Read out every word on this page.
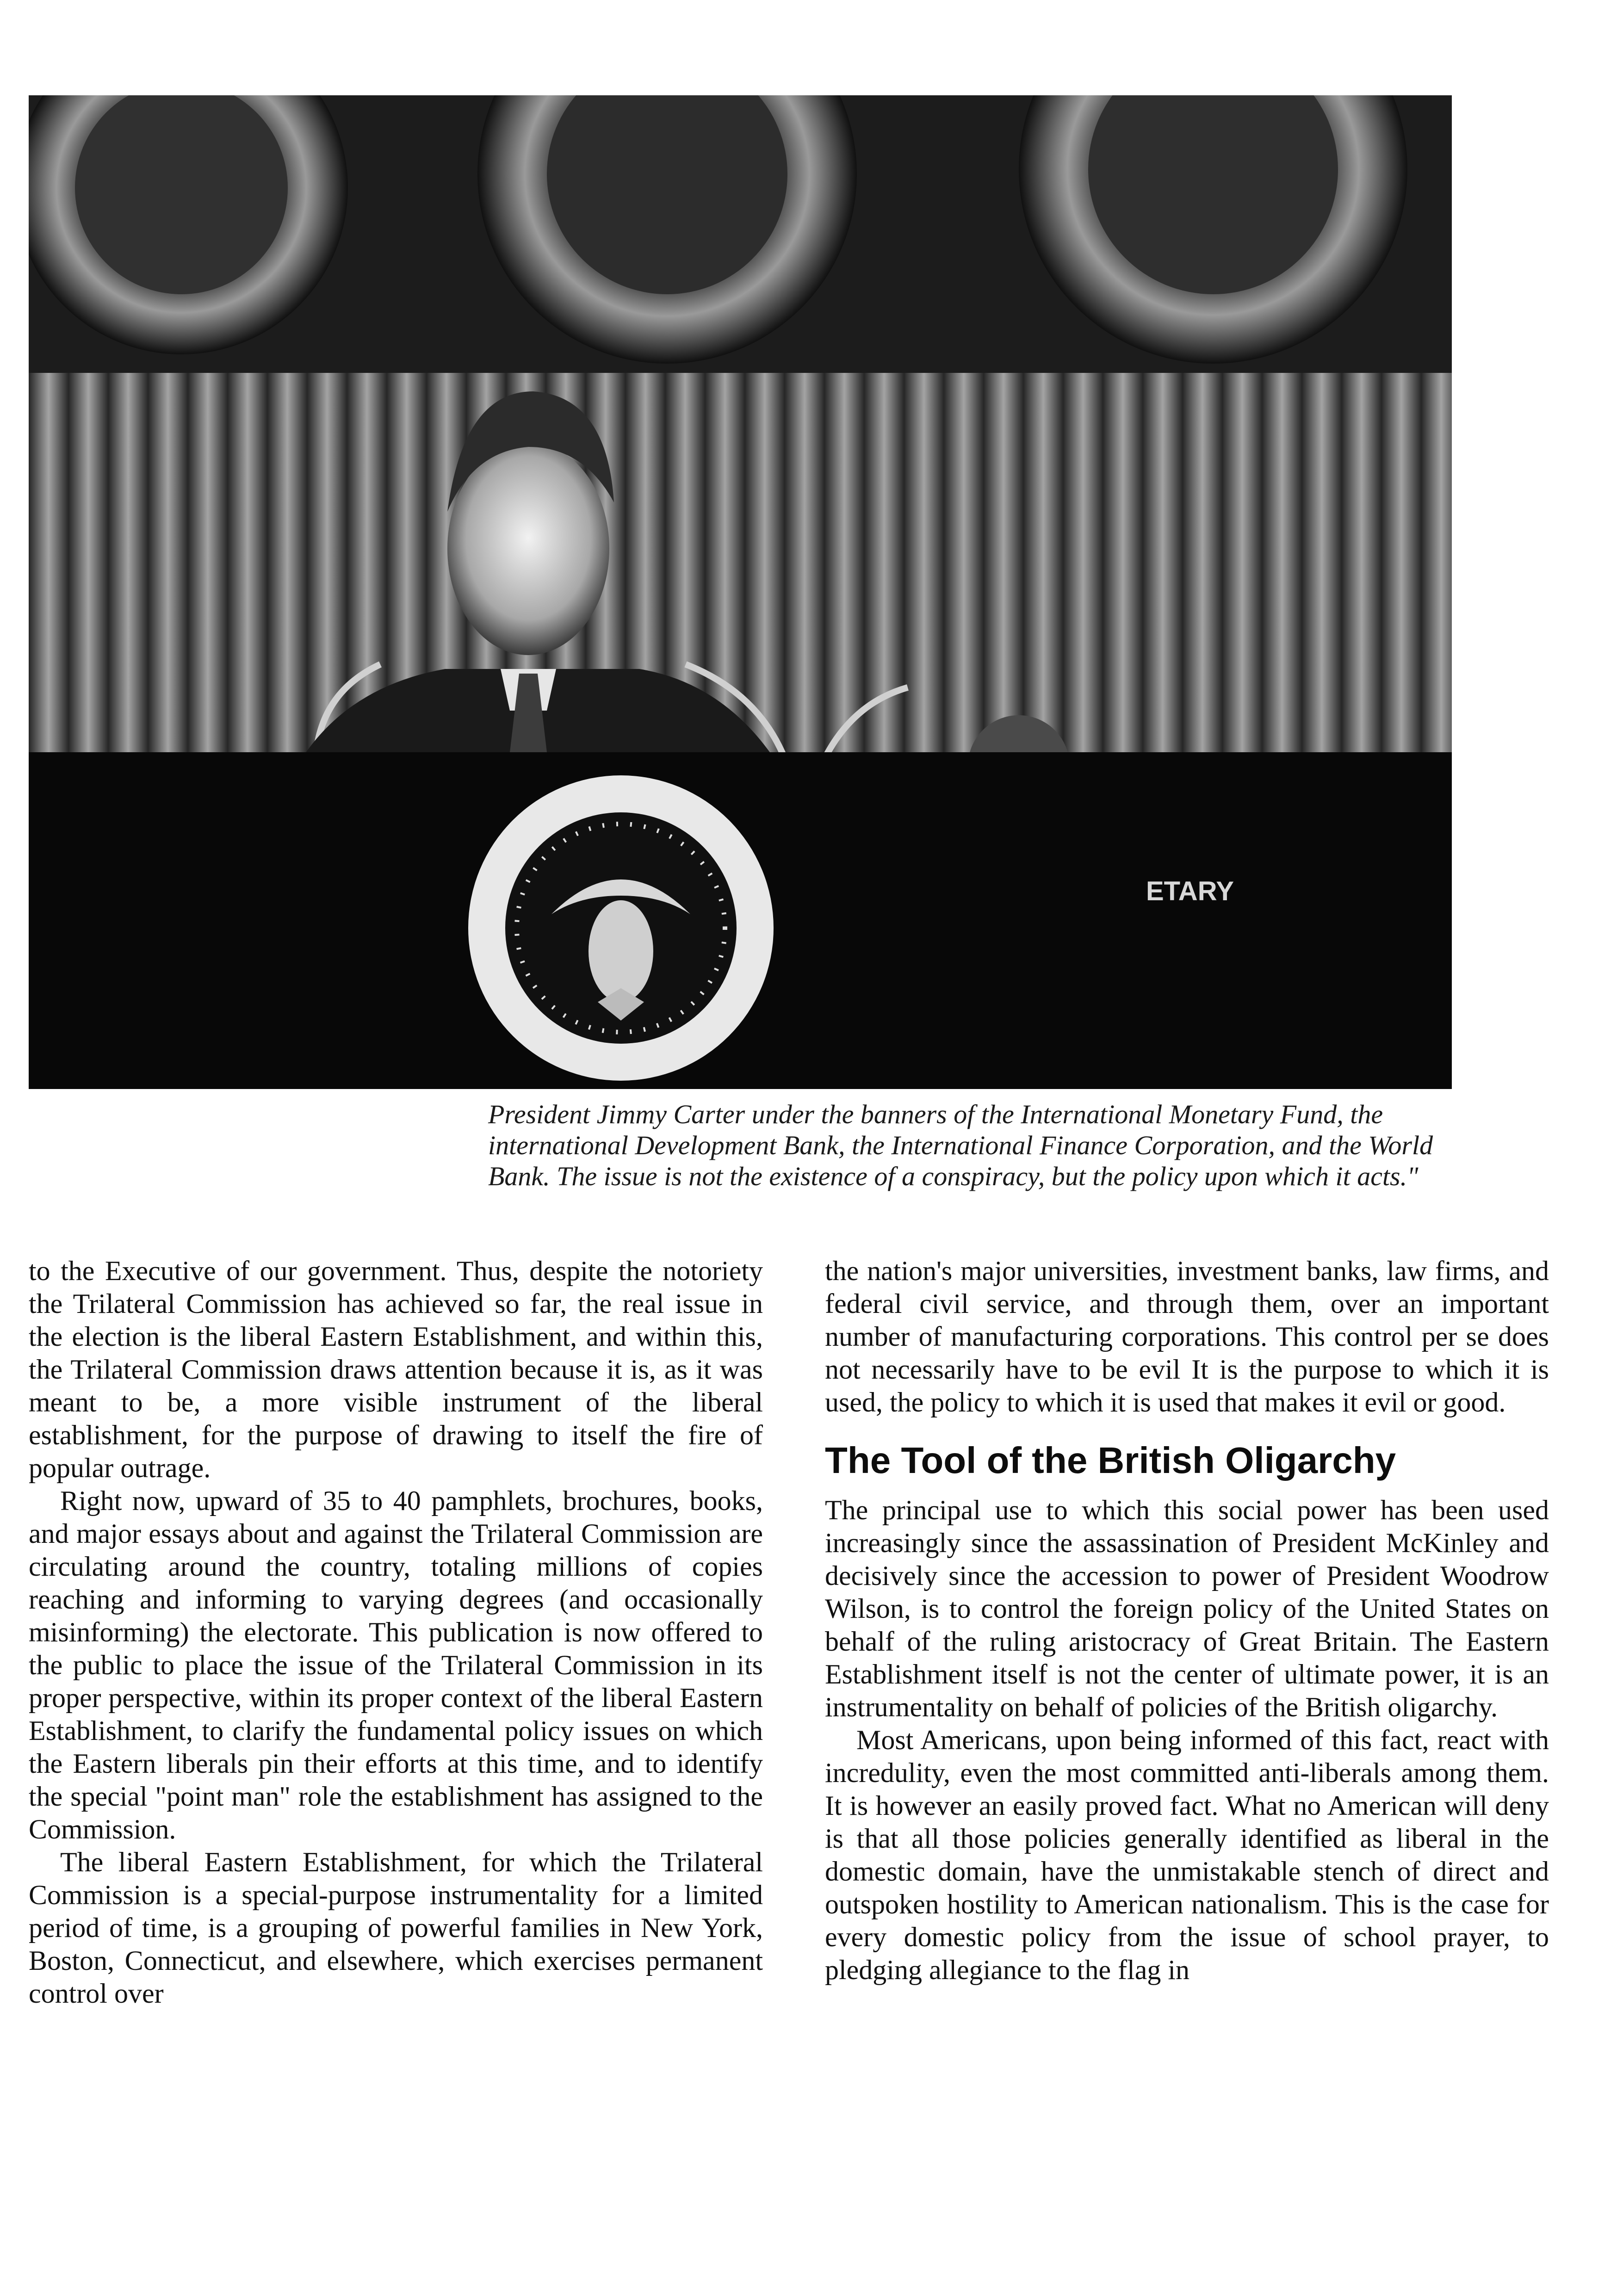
ETARY

President Jimmy Carter under the banners of the International Monetary Fund, the international Development Bank, the International Finance Corporation, and the World Bank. The issue is not the existence of a conspiracy, but the policy upon which it acts."

to the Executive of our government. Thus, despite the notoriety the Trilateral Commission has achieved so far, the real issue in the election is the liberal Eastern Establishment, and within this, the Trilateral Commission draws attention because it is, as it was meant to be, a more visible instrument of the liberal establishment, for the purpose of drawing to itself the fire of popular outrage.

Right now, upward of 35 to 40 pamphlets, brochures, books, and major essays about and against the Trilateral Commission are circulating around the country, totaling millions of copies reaching and informing to varying degrees (and occasionally misinforming) the electorate. This publication is now offered to the public to place the issue of the Trilateral Commission in its proper perspective, within its proper context of the liberal Eastern Establishment, to clarify the fundamental policy issues on which the Eastern liberals pin their efforts at this time, and to identify the special "point man" role the establishment has assigned to the Commission.

The liberal Eastern Establishment, for which the Trilateral Commission is a special-purpose instrumentality for a limited period of time, is a grouping of powerful families in New York, Boston, Connecticut, and elsewhere, which exercises permanent control over

the nation's major universities, investment banks, law firms, and federal civil service, and through them, over an important number of manufacturing corporations. This control per se does not necessarily have to be evil It is the purpose to which it is used, the policy to which it is used that makes it evil or good.

The Tool of the British Oligarchy

The principal use to which this social power has been used increasingly since the assassination of President McKinley and decisively since the accession to power of President Woodrow Wilson, is to control the foreign policy of the United States on behalf of the ruling aristocracy of Great Britain. The Eastern Establishment itself is not the center of ultimate power, it is an instrumentality on behalf of policies of the British oligarchy.

Most Americans, upon being informed of this fact, react with incredulity, even the most committed anti-liberals among them. It is however an easily proved fact. What no American will deny is that all those policies generally identified as liberal in the domestic domain, have the unmistakable stench of direct and outspoken hostility to American nationalism. This is the case for every domestic policy from the issue of school prayer, to pledging allegiance to the flag in
